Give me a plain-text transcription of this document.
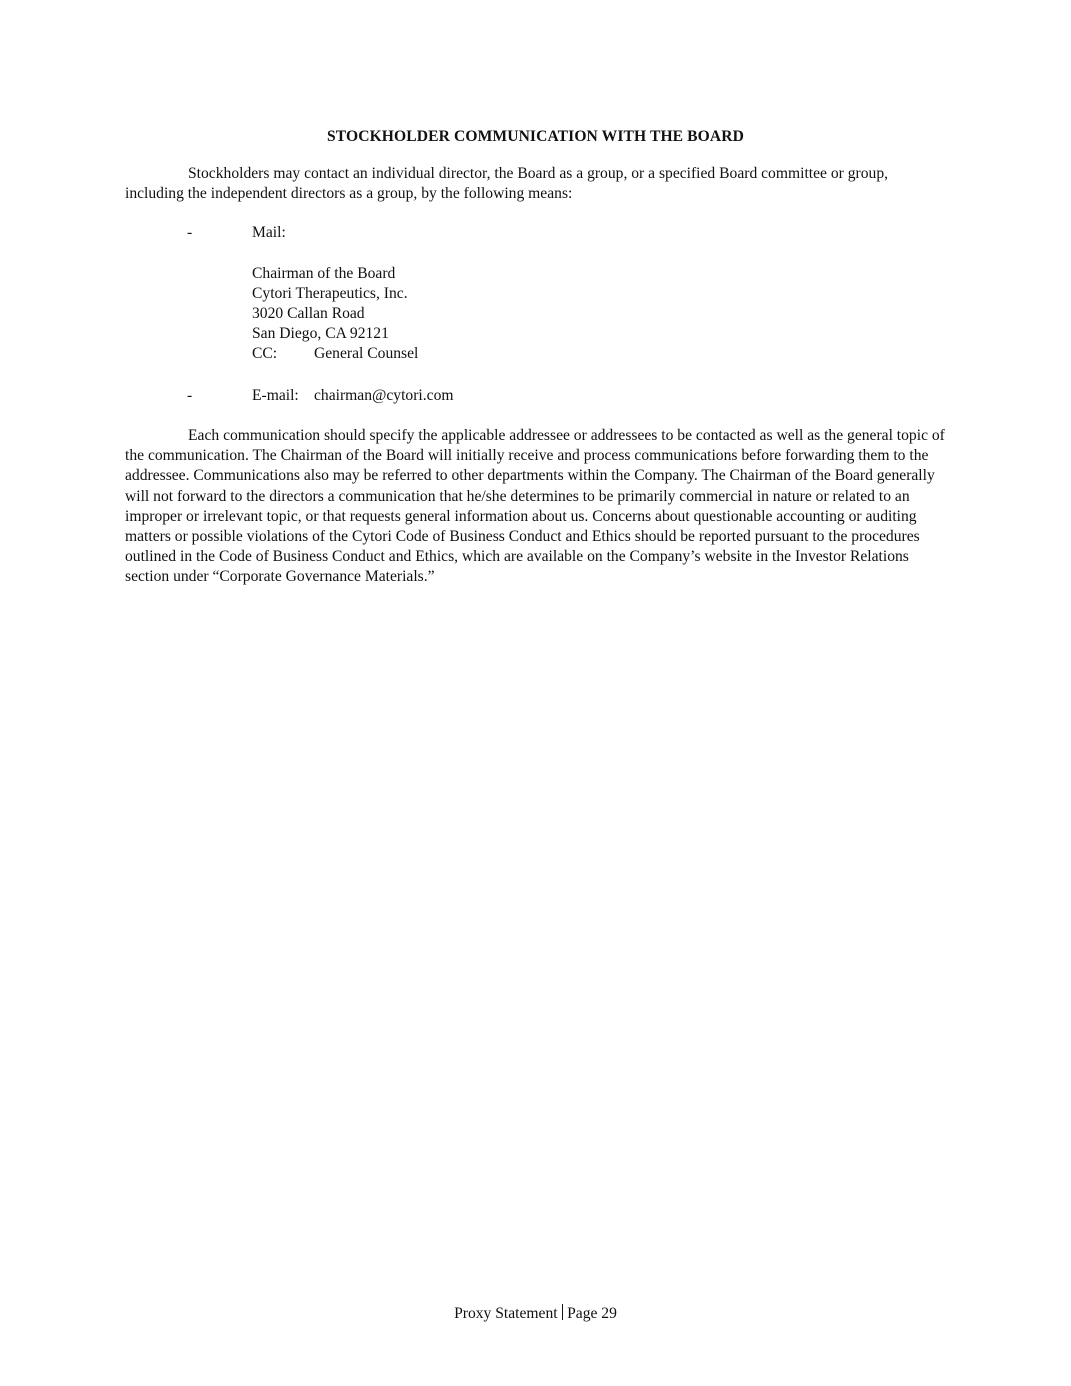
STOCKHOLDER COMMUNICATION WITH THE BOARD

Stockholders may contact an individual director, the Board as a group, or a specified Board committee or group, including the independent directors as a group, by the following means:

-	Mail:
Chairman of the Board
Cytori Therapeutics, Inc.
3020 Callan Road
San Diego, CA 92121
CC: General Counsel
-	E-mail: chairman@cytori.com

Each communication should specify the applicable addressee or addressees to be contacted as well as the general topic of the communication. The Chairman of the Board will initially receive and process communications before forwarding them to the addressee. Communications also may be referred to other departments within the Company. The Chairman of the Board generally will not forward to the directors a communication that he/she determines to be primarily commercial in nature or related to an improper or irrelevant topic, or that requests general information about us. Concerns about questionable accounting or auditing matters or possible violations of the Cytori Code of Business Conduct and Ethics should be reported pursuant to the procedures outlined in the Code of Business Conduct and Ethics, which are available on the Company’s website in the Investor Relations section under “Corporate Governance Materials.”

Proxy Statement Page 29
